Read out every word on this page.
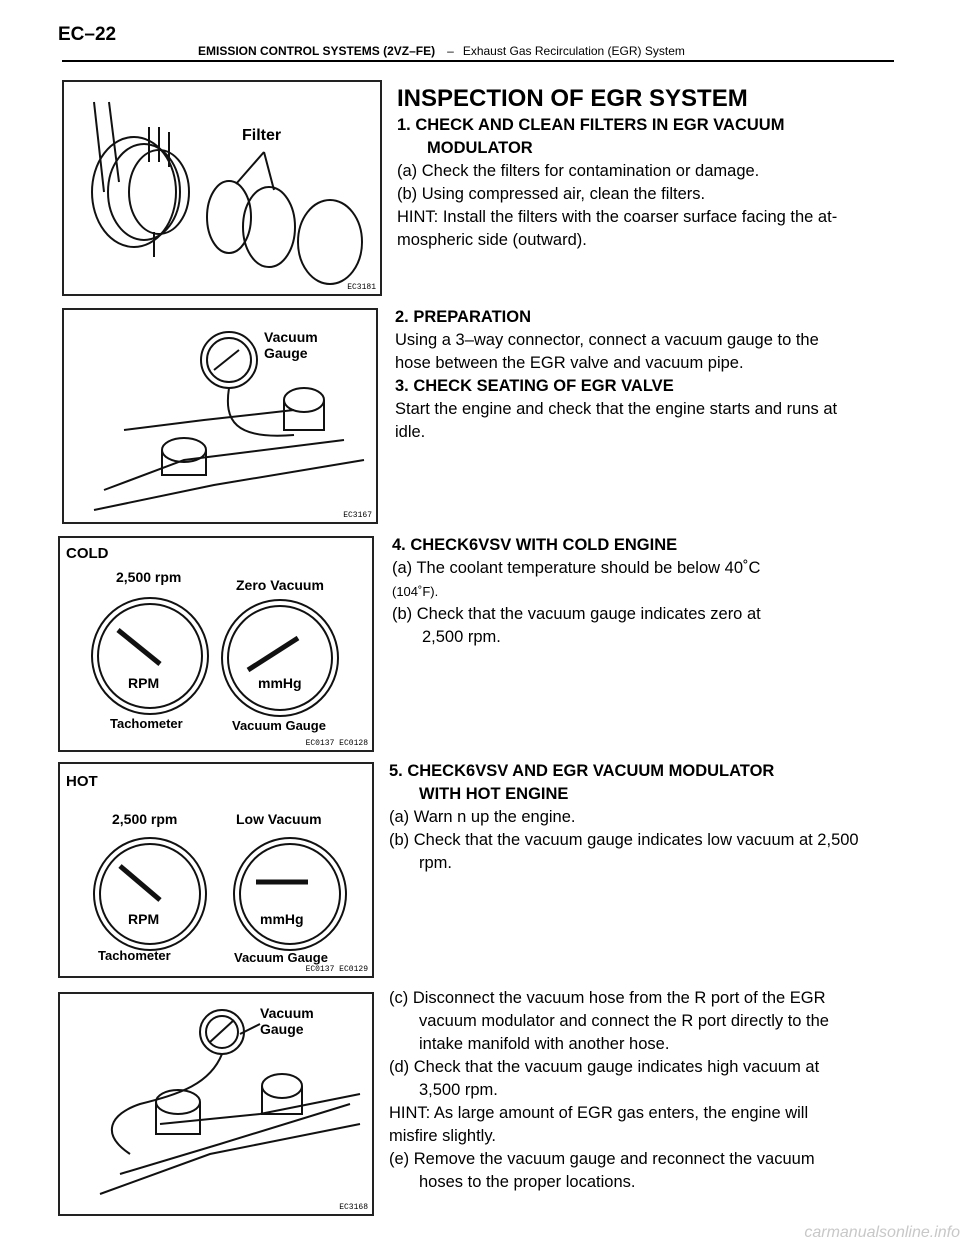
EC–22
EMISSION CONTROL SYSTEMS (2VZ–FE) – Exhaust Gas Recirculation (EGR) System
Filter
EC3181
INSPECTION OF EGR SYSTEM
1. CHECK AND CLEAN FILTERS IN EGR VACUUM
MODULATOR
(a) Check the filters for contamination or damage.
(b) Using compressed air, clean the filters.
HINT: Install the filters with the coarser surface facing the at-
mospheric side (outward).
Vacuum
Gauge
EC3167
2. PREPARATION
Using a 3–way connector, connect a vacuum gauge to the
hose between the EGR valve and vacuum pipe.
3. CHECK SEATING OF EGR VALVE
Start the engine and check that the engine starts and runs at
idle.
COLD
2,500 rpm	Zero Vacuum
RPM	mmHg
Tachometer	Vacuum Gauge
EC0137 EC0128
4. CHECK6VSV WITH COLD ENGINE
(a) The coolant temperature should be below 40˚C
(104˚F).
(b) Check that the vacuum gauge indicates zero at
2,500 rpm.
HOT
2,500 rpm	Low Vacuum
RPM	mmHg
Tachometer	Vacuum Gauge
EC0137 EC0129
5. CHECK6VSV AND EGR VACUUM MODULATOR
WITH HOT ENGINE
(a) Warn n up the engine.
(b) Check that the vacuum gauge indicates low vacuum at 2,500
rpm.
Vacuum
Gauge
EC3168
(c) Disconnect the vacuum hose from the R port of the EGR
vacuum modulator and connect the R port directly to the
intake manifold with another hose.
(d) Check that the vacuum gauge indicates high vacuum at
3,500 rpm.
HINT: As large amount of EGR gas enters, the engine will
misfire slightly.
(e) Remove the vacuum gauge and reconnect the vacuum
hoses to the proper locations.
carmanualsonline.info
